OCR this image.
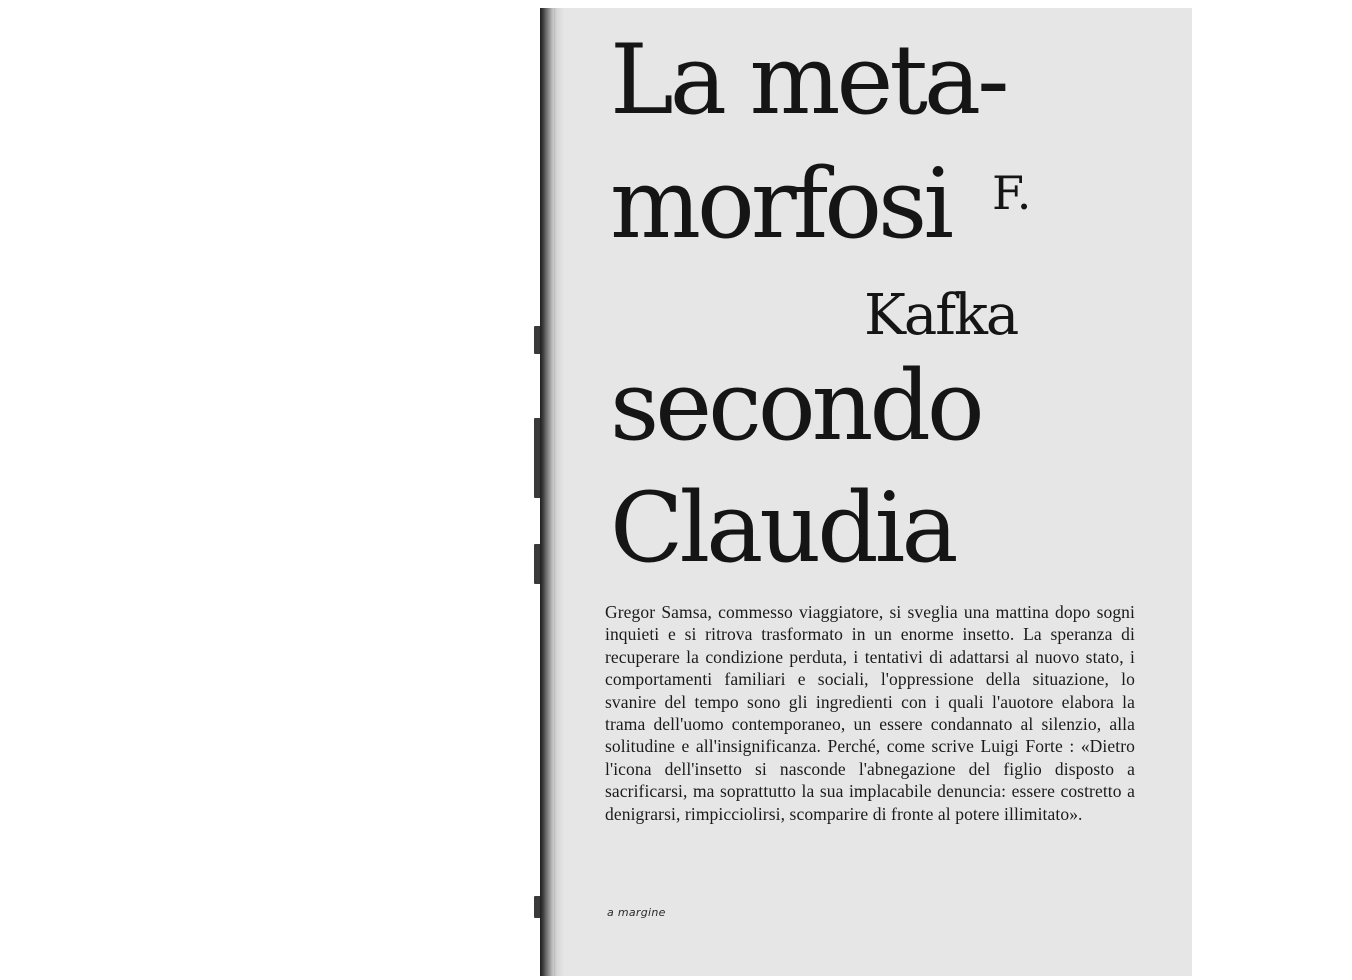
La meta-
morfosi F.
Kafka
secondo
Claudia

Gregor Samsa, commesso viaggiatore, si sveglia una mattina dopo sogni inquieti e si ritrova trasformato in un enorme insetto. La speranza di recuperare la condizione perduta, i tentativi di adattarsi al nuovo stato, i comportamenti familiari e sociali, l'oppressione della situazione, lo svanire del tempo sono gli ingredienti con i quali l'auotore elabora la trama dell'uomo contemporaneo, un essere condannato al silenzio, alla solitudine e all'insignificanza. Perché, come scrive Luigi Forte : «Dietro l'icona dell'insetto si nasconde l'abnegazione del figlio disposto a sacrificarsi, ma soprattutto la sua implacabile denuncia: essere costretto a denigrarsi, rimpicciolirsi, scomparire di fronte al potere illimitato».

a margine
